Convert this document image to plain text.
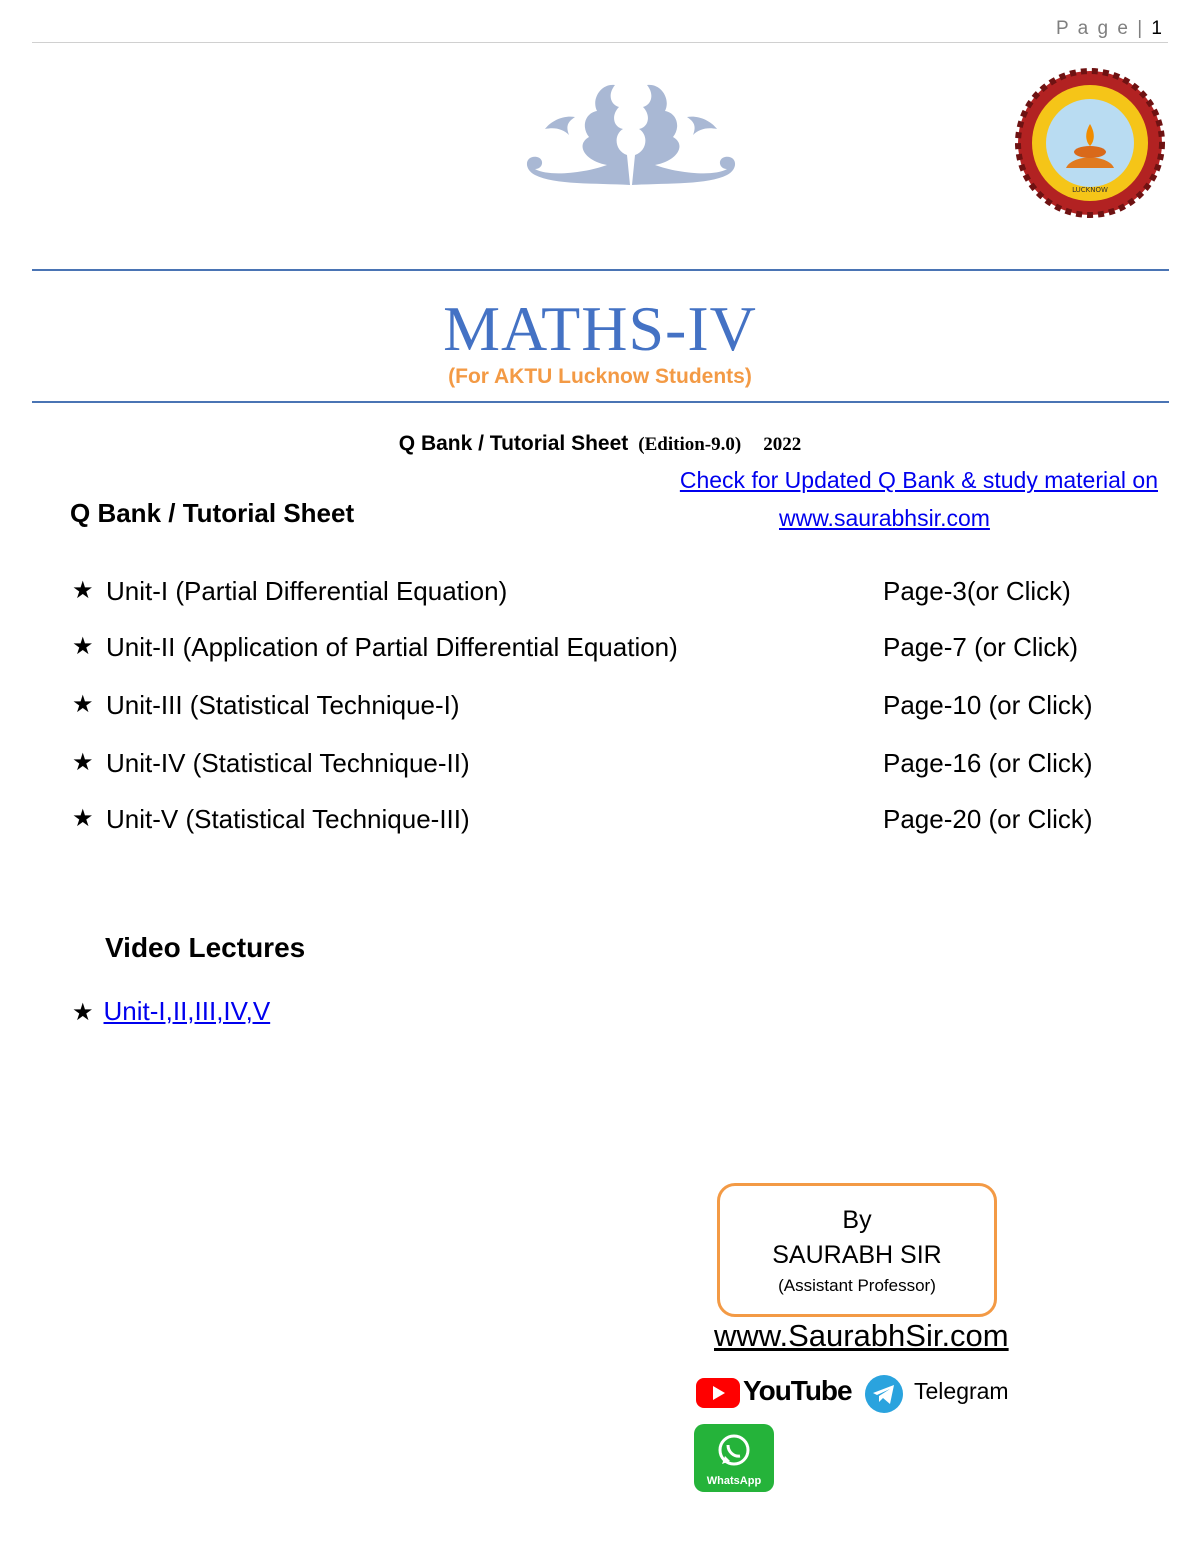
P a g e | 1
LUCKNOW
MATHS-IV
(For AKTU Lucknow Students)
Q Bank / Tutorial Sheet (Edition-9.0) 2022
Check for Updated Q Bank & study material on
www.saurabhsir.com
Q Bank / Tutorial Sheet
★ Unit-I (Partial Differential Equation)	Page-3(or Click)
★ Unit-II (Application of Partial Differential Equation)	Page-7 (or Click)
★ Unit-III (Statistical Technique-I)	Page-10 (or Click)
★ Unit-IV (Statistical Technique-II)	Page-16 (or Click)
★ Unit-V (Statistical Technique-III)	Page-20 (or Click)
Video Lectures
★ Unit-I,II,III,IV,V
By
SAURABH SIR
(Assistant Professor)
www.SaurabhSir.com
YouTube	Telegram
WhatsApp
